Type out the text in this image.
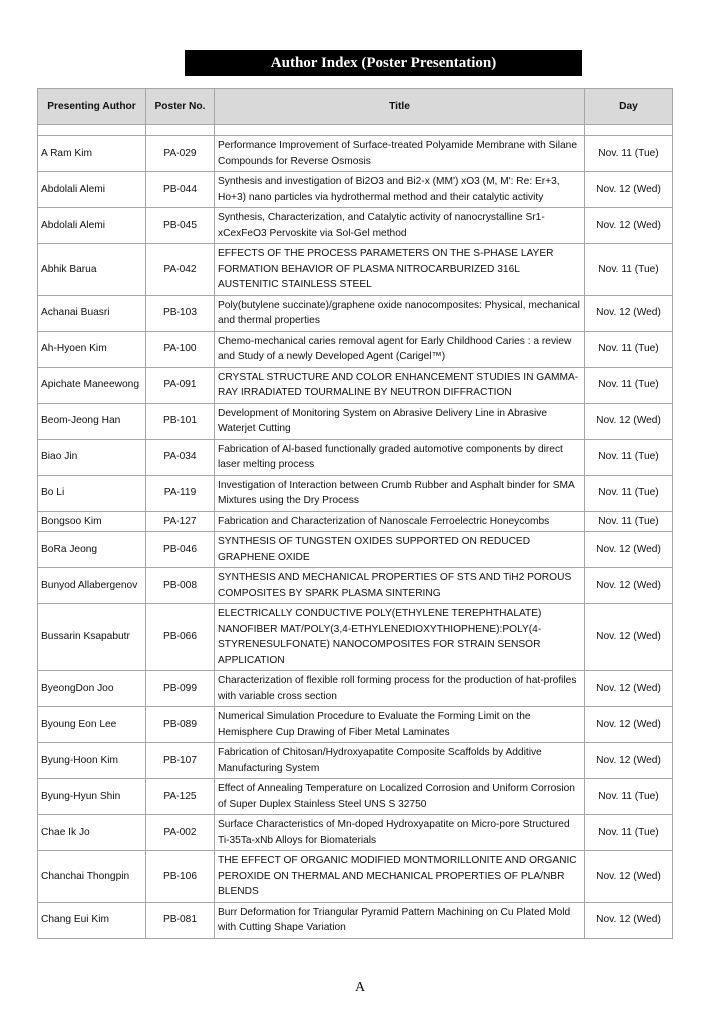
Author Index (Poster Presentation)
Presenting Author	Poster No.	Title	Day

A Ram Kim	PA-029	Performance Improvement of Surface-treated Polyamide Membrane with Silane Compounds for Reverse Osmosis	Nov. 11 (Tue)
Abdolali Alemi	PB-044	Synthesis and investigation of Bi2O3 and Bi2-x (MM') xO3 (M, M': Re: Er+3, Ho+3) nano particles via hydrothermal method and their catalytic activity	Nov. 12 (Wed)
Abdolali Alemi	PB-045	Synthesis, Characterization, and Catalytic activity of nanocrystalline Sr1-xCexFeO3 Pervoskite via Sol-Gel method	Nov. 12 (Wed)
Abhik Barua	PA-042	EFFECTS OF THE PROCESS PARAMETERS ON THE S-PHASE LAYER FORMATION BEHAVIOR OF PLASMA NITROCARBURIZED 316L AUSTENITIC STAINLESS STEEL	Nov. 11 (Tue)
Achanai Buasri	PB-103	Poly(butylene succinate)/graphene oxide nanocomposites: Physical, mechanical and thermal properties	Nov. 12 (Wed)
Ah-Hyoen Kim	PA-100	Chemo-mechanical caries removal agent for Early Childhood Caries : a review and Study of a newly Developed Agent (Carigel™)	Nov. 11 (Tue)
Apichate Maneewong	PA-091	CRYSTAL STRUCTURE AND COLOR ENHANCEMENT STUDIES IN GAMMA-RAY IRRADIATED TOURMALINE BY NEUTRON DIFFRACTION	Nov. 11 (Tue)
Beom-Jeong Han	PB-101	Development of Monitoring System on Abrasive Delivery Line in Abrasive Waterjet Cutting	Nov. 12 (Wed)
Biao Jin	PA-034	Fabrication of Al-based functionally graded automotive components by direct laser melting process	Nov. 11 (Tue)
Bo Li	PA-119	Investigation of Interaction between Crumb Rubber and Asphalt binder for SMA Mixtures using the Dry Process	Nov. 11 (Tue)
Bongsoo Kim	PA-127	Fabrication and Characterization of Nanoscale Ferroelectric Honeycombs	Nov. 11 (Tue)
BoRa Jeong	PB-046	SYNTHESIS OF TUNGSTEN OXIDES SUPPORTED ON REDUCED GRAPHENE OXIDE	Nov. 12 (Wed)
Bunyod Allabergenov	PB-008	SYNTHESIS AND MECHANICAL PROPERTIES OF STS AND TiH2 POROUS COMPOSITES BY SPARK PLASMA SINTERING	Nov. 12 (Wed)
Bussarin Ksapabutr	PB-066	ELECTRICALLY CONDUCTIVE POLY(ETHYLENE TEREPHTHALATE) NANOFIBER MAT/POLY(3,4-ETHYLENEDIOXYTHIOPHENE):POLY(4-STYRENESULFONATE) NANOCOMPOSITES FOR STRAIN SENSOR APPLICATION	Nov. 12 (Wed)
ByeongDon Joo	PB-099	Characterization of flexible roll forming process for the production of hat-profiles with variable cross section	Nov. 12 (Wed)
Byoung Eon Lee	PB-089	Numerical Simulation Procedure to Evaluate the Forming Limit on the Hemisphere Cup Drawing of Fiber Metal Laminates	Nov. 12 (Wed)
Byung-Hoon Kim	PB-107	Fabrication of Chitosan/Hydroxyapatite Composite Scaffolds by Additive Manufacturing System	Nov. 12 (Wed)
Byung-Hyun Shin	PA-125	Effect of Annealing Temperature on Localized Corrosion and Uniform Corrosion of Super Duplex Stainless Steel UNS S 32750	Nov. 11 (Tue)
Chae Ik Jo	PA-002	Surface Characteristics of Mn-doped Hydroxyapatite on Micro-pore Structured Ti-35Ta-xNb Alloys for Biomaterials	Nov. 11 (Tue)
Chanchai Thongpin	PB-106	THE EFFECT OF ORGANIC MODIFIED MONTMORILLONITE AND ORGANIC PEROXIDE ON THERMAL AND MECHANICAL PROPERTIES OF PLA/NBR BLENDS	Nov. 12 (Wed)
Chang Eui Kim	PB-081	Burr Deformation for Triangular Pyramid Pattern Machining on Cu Plated Mold with Cutting Shape Variation	Nov. 12 (Wed)
A
